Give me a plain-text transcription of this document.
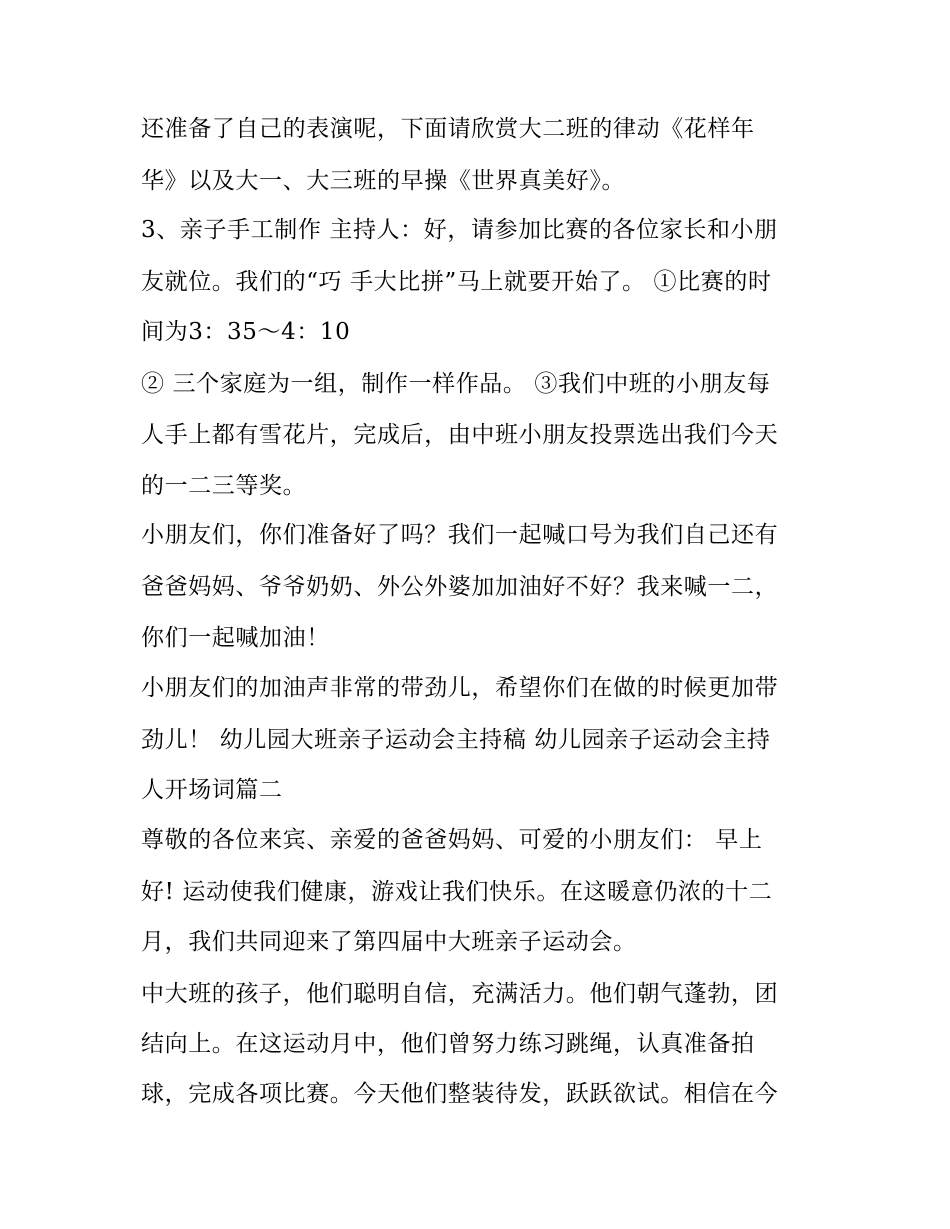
还准备了自己的表演呢，下面请欣赏大二班的律动《花样年
华》以及大一、大三班的早操《世界真美好》。
3、亲子手工制作 主持人：好，请参加比赛的各位家长和小朋
友就位。我们的“巧 手大比拼”马上就要开始了。 ①比赛的时
间为3：35～4：10
② 三个家庭为一组，制作一样作品。 ③我们中班的小朋友每
人手上都有雪花片，完成后，由中班小朋友投票选出我们今天
的一二三等奖。
小朋友们，你们准备好了吗？我们一起喊口号为我们自己还有
爸爸妈妈、爷爷奶奶、外公外婆加加油好不好？我来喊一二，
你们一起喊加油！
小朋友们的加油声非常的带劲儿，希望你们在做的时候更加带
劲儿！ 幼儿园大班亲子运动会主持稿 幼儿园亲子运动会主持
人开场词篇二
尊敬的各位来宾、亲爱的爸爸妈妈、可爱的小朋友们： 早上
好! 运动使我们健康，游戏让我们快乐。在这暖意仍浓的十二
月，我们共同迎来了第四届中大班亲子运动会。
中大班的孩子，他们聪明自信，充满活力。他们朝气蓬勃，团
结向上。在这运动月中，他们曾努力练习跳绳，认真准备拍
球，完成各项比赛。今天他们整装待发，跃跃欲试。相信在今
